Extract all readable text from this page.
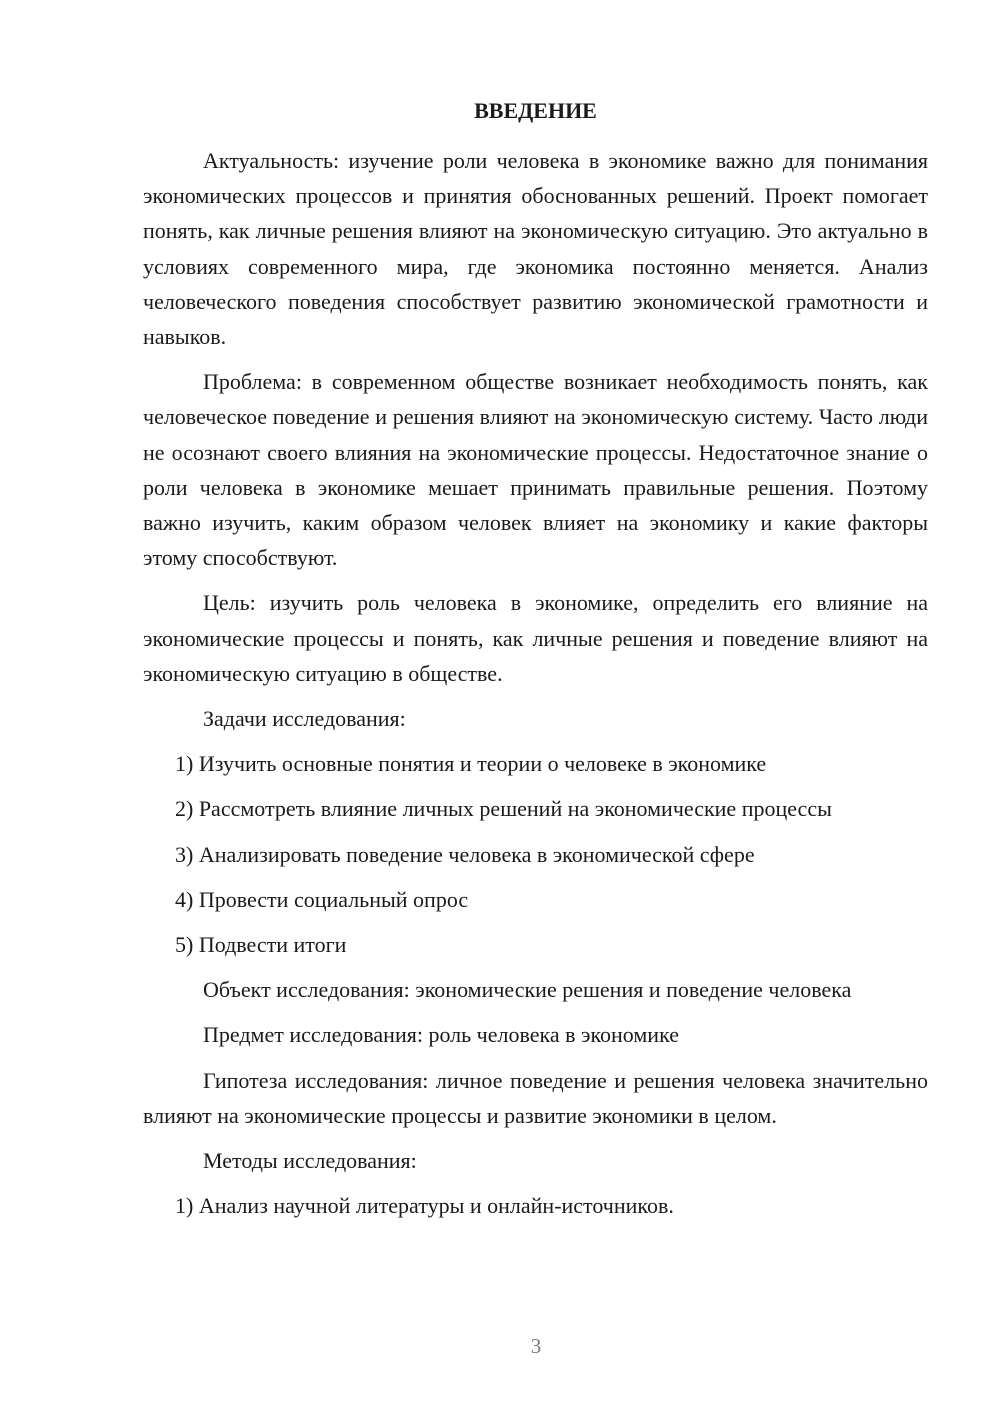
ВВЕДЕНИЕ

Актуальность: изучение роли человека в экономике важно для понимания экономических процессов и принятия обоснованных решений. Проект помогает понять, как личные решения влияют на экономическую ситуацию. Это актуально в условиях современного мира, где экономика постоянно меняется. Анализ человеческого поведения способствует развитию экономической грамотности и навыков.

Проблема: в современном обществе возникает необходимость понять, как человеческое поведение и решения влияют на экономическую систему. Часто люди не осознают своего влияния на экономические процессы. Недостаточное знание о роли человека в экономике мешает принимать правильные решения. Поэтому важно изучить, каким образом человек влияет на экономику и какие факторы этому способствуют.

Цель: изучить роль человека в экономике, определить его влияние на экономические процессы и понять, как личные решения и поведение влияют на экономическую ситуацию в обществе.

Задачи исследования:

1) Изучить основные понятия и теории о человеке в экономике

2) Рассмотреть влияние личных решений на экономические процессы

3) Анализировать поведение человека в экономической сфере

4) Провести социальный опрос

5) Подвести итоги

Объект исследования: экономические решения и поведение человека

Предмет исследования: роль человека в экономике

Гипотеза исследования: личное поведение и решения человека значительно влияют на экономические процессы и развитие экономики в целом.

Методы исследования:

1) Анализ научной литературы и онлайн-источников.

3
